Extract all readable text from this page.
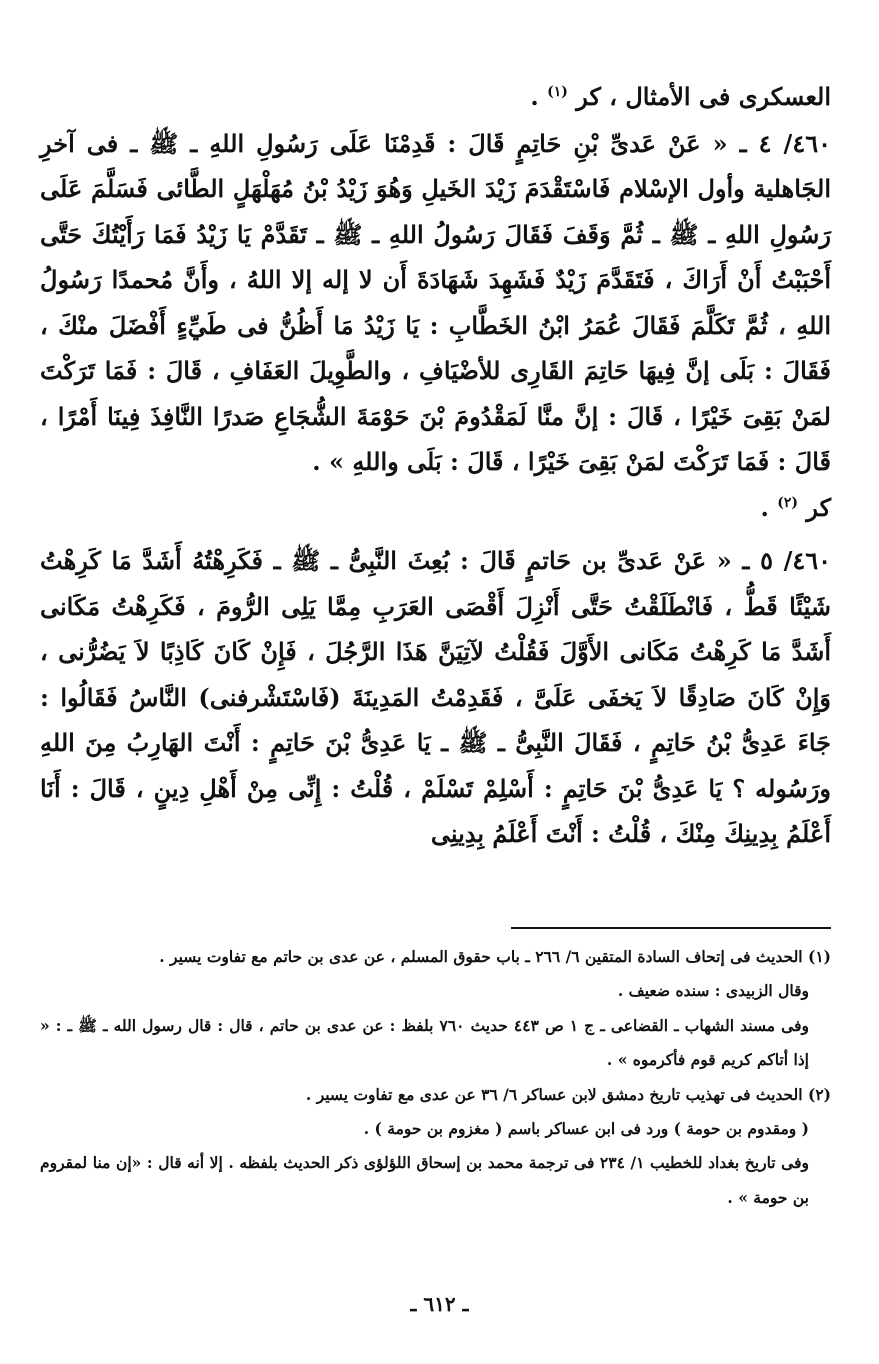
العسكرى فى الأمثال ، كر $^{(١)}$ .

٤٦٠/ ٤ ـ « عَنْ عَدىِّ بْنِ حَاتِمٍ قَالَ : قَدِمْنَا عَلَى رَسُولِ اللهِ ـ ﷺ ـ فى آخرِ الجَاهلية وأول الإسْلام فَاسْتَقْدَمَ زَيْدَ الخَيلِ وَهُوَ زَيْدُ بْنُ مُهَلْهَلٍ الطَّائى فَسَلَّمَ عَلَى رَسُولِ اللهِ ـ ﷺ ـ ثُمَّ وَقَفَ فَقَالَ رَسُولُ اللهِ ـ ﷺ ـ تَقَدَّمْ يَا زَيْدُ فَمَا رَأَيْتُكَ حَتَّى أَحْبَبْتُ أَنْ أَرَاكَ ، فَتَقَدَّمَ زَيْدٌ فَشَهِدَ شَهَادَةَ أَن لا إله إلا اللهُ ، وأَنَّ مُحمدًا رَسُولُ اللهِ ، ثُمَّ تَكَلَّمَ فَقَالَ عُمَرُ ابْنُ الخَطَّابِ : يَا زَيْدُ مَا أَظُنُّ فى طَيِّءٍ أَفْضَلَ منْكَ ، فَقَالَ : بَلَى إنَّ فِيهَا حَاتِمَ القَارِى للأضْيَافِ ، والطَّوِيلَ العَفَافِ ، قَالَ : فَمَا تَرَكْتَ لمَنْ بَقِىَ خَيْرًا ، قَالَ : إنَّ منَّا لَمَقْدُومَ بْنَ حَوْمَةَ الشُّجَاعِ صَدرًا النَّافِذَ فِينَا أَمْرًا ، قَالَ : فَمَا تَرَكْتَ لمَنْ بَقِىَ خَيْرًا ، قَالَ : بَلَى واللهِ » .

كر $^{(٢)}$ .

٤٦٠/ ٥ ـ « عَنْ عَدىِّ بن حَاتمٍ قَالَ : بُعِثَ النَّبِىُّ ـ ﷺ ـ فَكَرِهْتُهُ أَشَدَّ مَا كَرِهْتُ شَيْئًا قَطُّ ، فَانْطَلَقْتُ حَتَّى أَنْزِلَ أَقْصَى العَرَبِ مِمَّا يَلِى الرُّومَ ، فَكَرِهْتُ مَكَانى أَشَدَّ مَا كَرِهْتُ مَكَانى الأَوَّلَ فَقُلْتُ لآتِيَنَّ هَذَا الرَّجُلَ ، فَإِنْ كَانَ كَاذِبًا لاَ يَضُرُّنى ، وَإِنْ كَانَ صَادِقًا لاَ يَخفَى عَلَىَّ ، فَقَدِمْتُ المَدِينَةَ (فَاسْتَشْرفنى) النَّاسُ فَقَالُوا : جَاءَ عَدِىُّ بْنُ حَاتِمٍ ، فَقَالَ النَّبِىُّ ـ ﷺ ـ يَا عَدِىُّ بْنَ حَاتِمٍ : أَنْتَ الهَارِبُ مِنَ اللهِ ورَسُوله ؟ يَا عَدِىُّ بْنَ حَاتِمٍ : أَسْلِمْ تَسْلَمْ ، قُلْتُ : إِنِّى مِنْ أَهْلِ دِينٍ ، قَالَ : أَنَا أَعْلَمُ بِدِينِكَ مِنْكَ ، قُلْتُ : أَنْتَ أَعْلَمُ بِدِينِى

(١) الحديث فى إتحاف السادة المتقين ٦/ ٢٦٦ ـ باب حقوق المسلم ، عن عدى بن حاتم مع تفاوت يسير .

وقال الزبيدى : سنده ضعيف .

وفى مسند الشهاب ـ القضاعى ـ ج ١ ص ٤٤٣ حديث ٧٦٠ بلفظ : عن عدى بن حاتم ، قال : قال رسول الله ـ ﷺ ـ : « إذا أتاكم كريم قوم فأكرموه » .

(٢) الحديث فى تهذيب تاريخ دمشق لابن عساكر ٦/ ٣٦ عن عدى مع تفاوت يسير .

( ومقدوم بن حومة ) ورد فى ابن عساكر باسم ( مغزوم بن حومة ) .

وفى تاريخ بغداد للخطيب ١/ ٢٣٤ فى ترجمة محمد بن إسحاق اللؤلؤى ذكر الحديث بلفظه . إلا أنه قال : «إن منا لمقروم بن حومة » .

ـ ٦١٢ ـ
